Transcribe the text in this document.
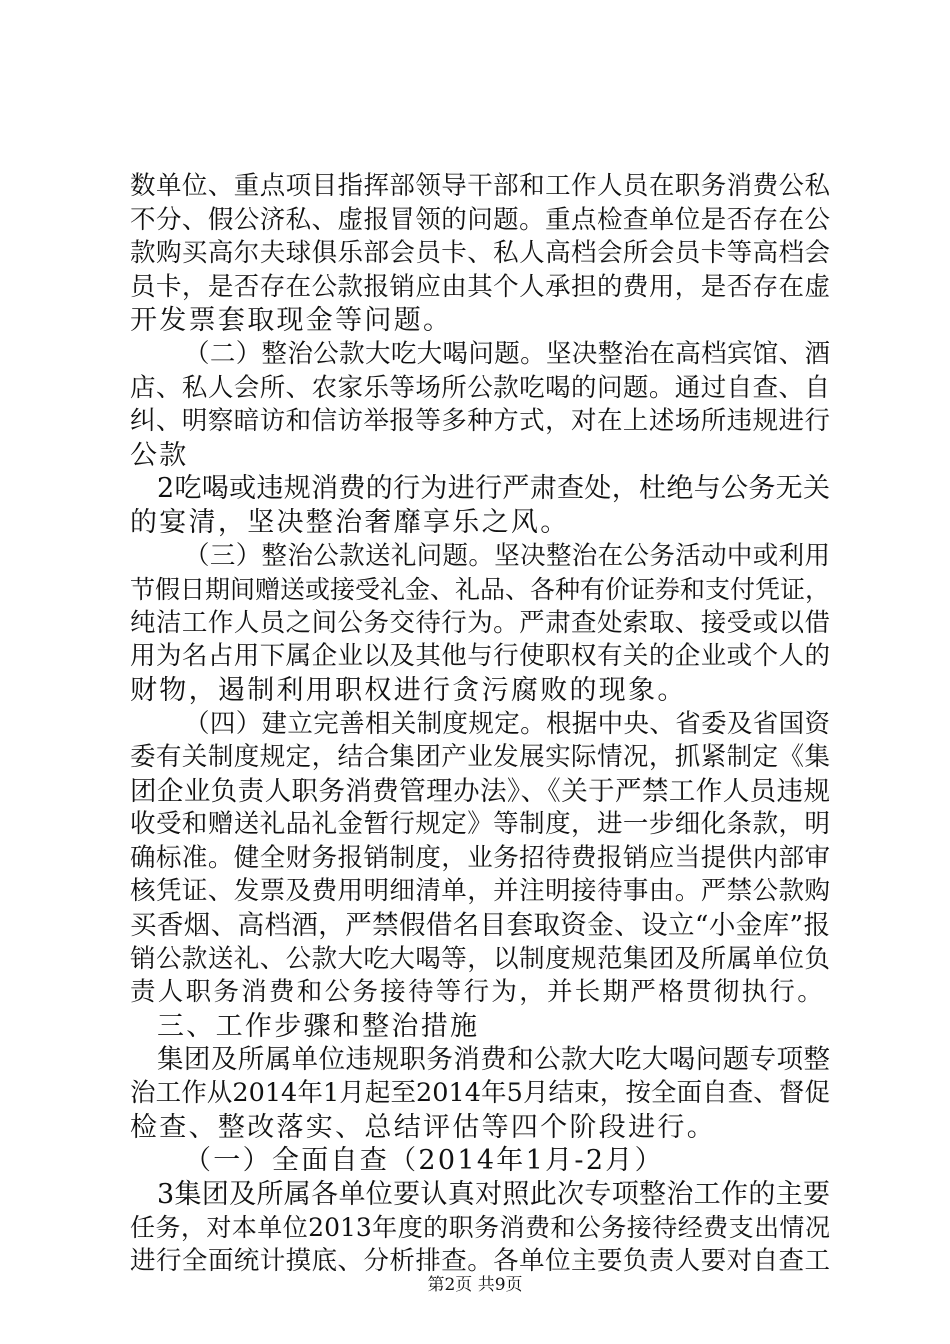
数单位、重点项目指挥部领导干部和工作人员在职务消费公私
不分、假公济私、虚报冒领的问题。重点检查单位是否存在公
款购买高尔夫球俱乐部会员卡、私人高档会所会员卡等高档会
员卡，是否存在公款报销应由其个人承担的费用，是否存在虚
开发票套取现金等问题。
（二）整治公款大吃大喝问题。坚决整治在高档宾馆、酒
店、私人会所、农家乐等场所公款吃喝的问题。通过自查、自
纠、明察暗访和信访举报等多种方式，对在上述场所违规进行
公款
2吃喝或违规消费的行为进行严肃查处，杜绝与公务无关
的宴清，坚决整治奢靡享乐之风。
（三）整治公款送礼问题。坚决整治在公务活动中或利用
节假日期间赠送或接受礼金、礼品、各种有价证券和支付凭证，
纯洁工作人员之间公务交待行为。严肃查处索取、接受或以借
用为名占用下属企业以及其他与行使职权有关的企业或个人的
财物，遏制利用职权进行贪污腐败的现象。
（四）建立完善相关制度规定。根据中央、省委及省国资
委有关制度规定，结合集团产业发展实际情况，抓紧制定《集
团企业负责人职务消费管理办法》、《关于严禁工作人员违规
收受和赠送礼品礼金暂行规定》等制度，进一步细化条款，明
确标准。健全财务报销制度，业务招待费报销应当提供内部审
核凭证、发票及费用明细清单，并注明接待事由。严禁公款购
买香烟、高档酒，严禁假借名目套取资金、设立“小金库”报
销公款送礼、公款大吃大喝等，以制度规范集团及所属单位负
责人职务消费和公务接待等行为，并长期严格贯彻执行。
三、工作步骤和整治措施
集团及所属单位违规职务消费和公款大吃大喝问题专项整
治工作从2014年1月起至2014年5月结束，按全面自查、督促
检查、整改落实、总结评估等四个阶段进行。
（一）全面自查（2014年1月-2月）
3集团及所属各单位要认真对照此次专项整治工作的主要
任务，对本单位2013年度的职务消费和公务接待经费支出情况
进行全面统计摸底、分析排查。各单位主要负责人要对自查工
第2页 共9页
